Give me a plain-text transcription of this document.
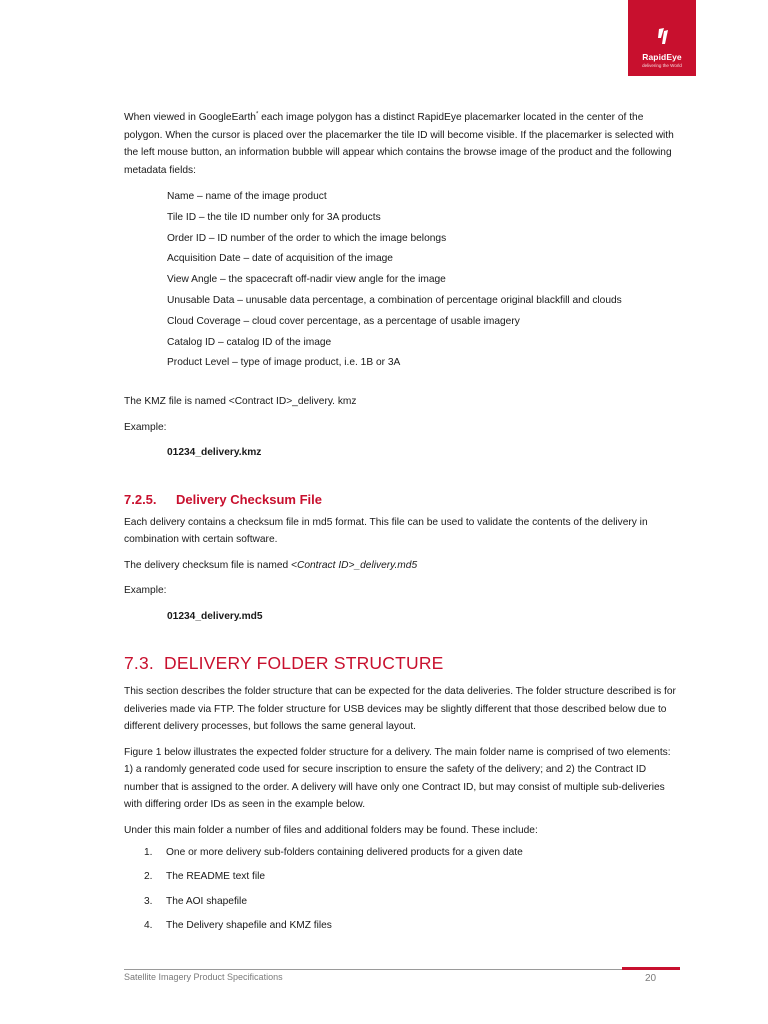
RapidEye
delivering the World

When viewed in GoogleEarth* each image polygon has a distinct RapidEye placemarker located in the center of the polygon. When the cursor is placed over the placemarker the tile ID will become visible. If the placemarker is selected with the left mouse button, an information bubble will appear which contains the browse image of the product and the following metadata fields:

Name – name of the image product
Tile ID – the tile ID number only for 3A products
Order ID – ID number of the order to which the image belongs
Acquisition Date – date of acquisition of the image
View Angle – the spacecraft off-nadir view angle for the image
Unusable Data – unusable data percentage, a combination of percentage original blackfill and clouds
Cloud Coverage – cloud cover percentage, as a percentage of usable imagery
Catalog ID – catalog ID of the image
Product Level – type of image product, i.e. 1B or 3A

The KMZ file is named <Contract ID>_delivery. kmz

Example:

01234_delivery.kmz

7.2.5. Delivery Checksum File

Each delivery contains a checksum file in md5 format. This file can be used to validate the contents of the delivery in combination with certain software.

The delivery checksum file is named <Contract ID>_delivery.md5

Example:

01234_delivery.md5

7.3. DELIVERY FOLDER STRUCTURE

This section describes the folder structure that can be expected for the data deliveries. The folder structure described is for deliveries made via FTP. The folder structure for USB devices may be slightly different that those described below due to different delivery processes, but follows the same general layout.

Figure 1 below illustrates the expected folder structure for a delivery. The main folder name is comprised of two elements: 1) a randomly generated code used for secure inscription to ensure the safety of the delivery; and 2) the Contract ID number that is assigned to the order. A delivery will have only one Contract ID, but may consist of multiple sub-deliveries with differing order IDs as seen in the example below.

Under this main folder a number of files and additional folders may be found. These include:

1. One or more delivery sub-folders containing delivered products for a given date
2. The README text file
3. The AOI shapefile
4. The Delivery shapefile and KMZ files
Satellite Imagery Product Specifications	20
